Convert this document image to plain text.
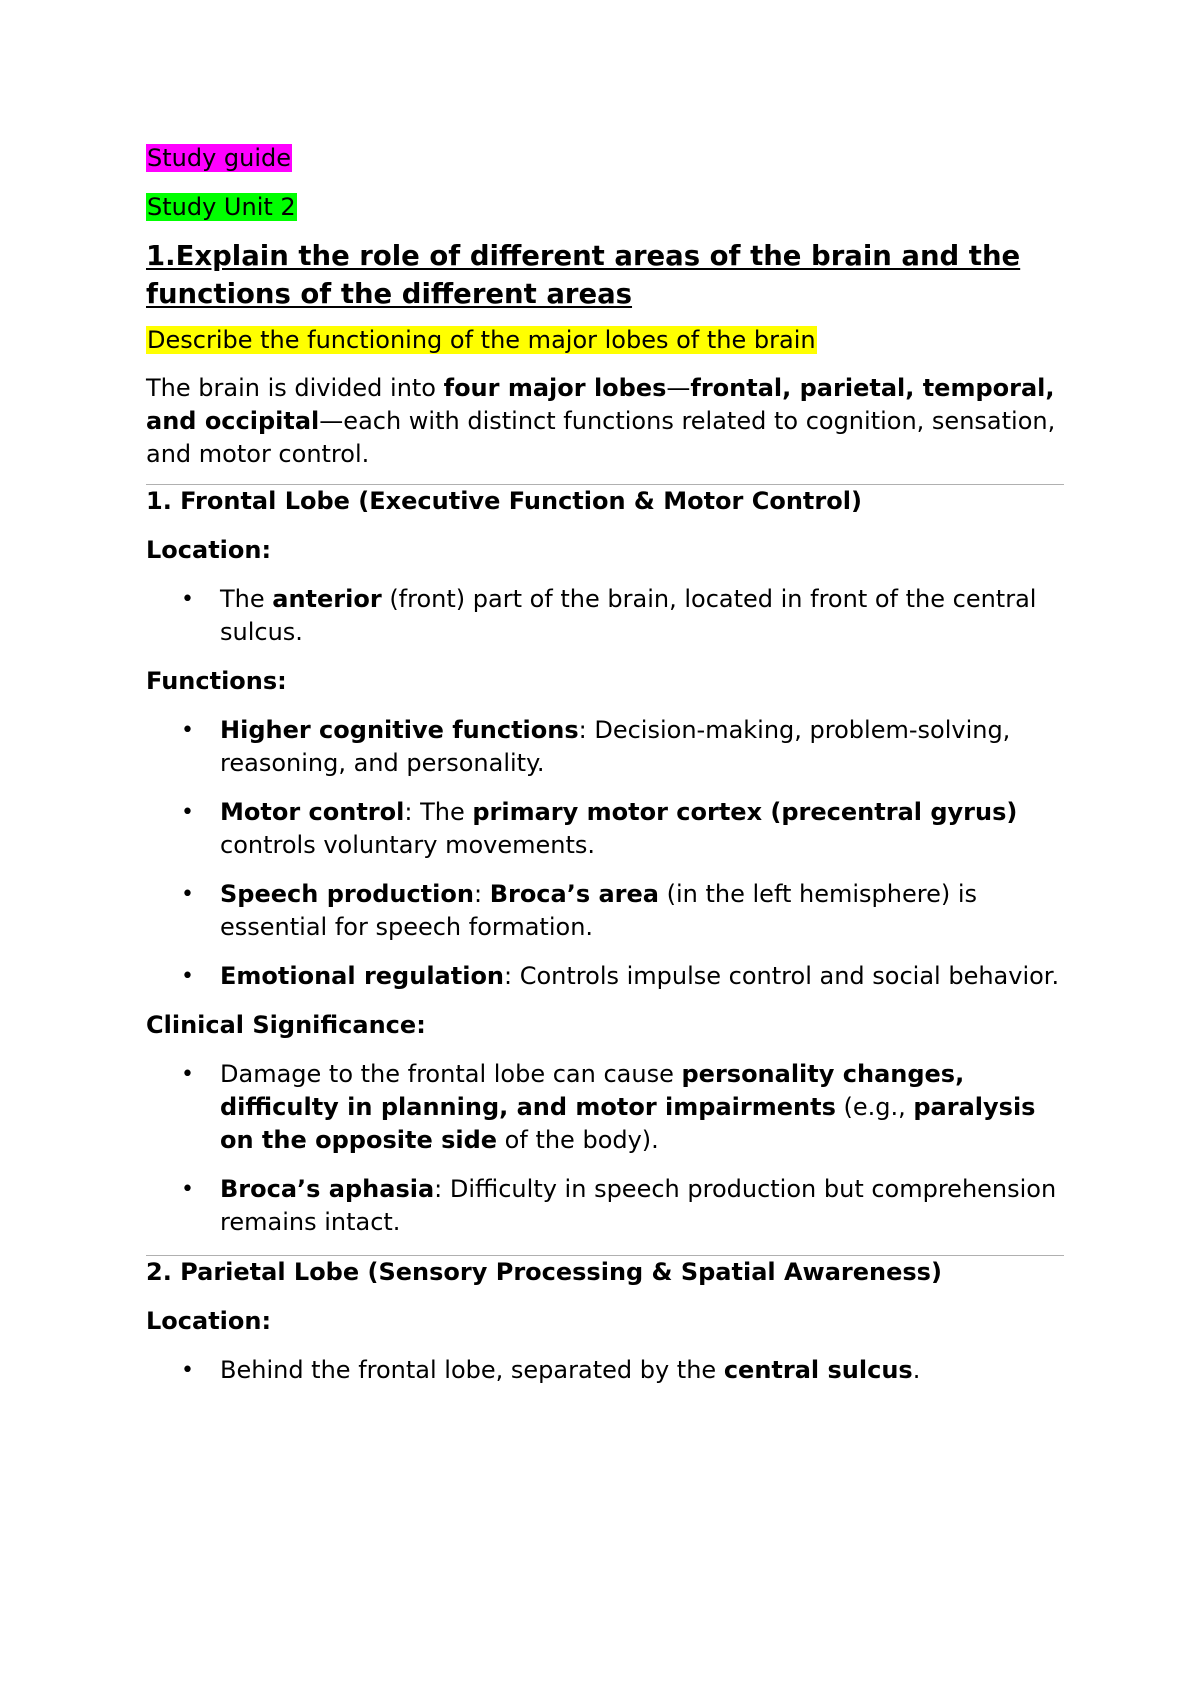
Study guide

Study Unit 2

1.Explain the role of different areas of the brain and the
functions of the different areas

Describe the functioning of the major lobes of the brain

The brain is divided into four major lobes—frontal, parietal, temporal, and occipital—each with distinct functions related to cognition, sensation, and motor control.

1. Frontal Lobe (Executive Function & Motor Control)

Location:

• The anterior (front) part of the brain, located in front of the central sulcus.

Functions:

• Higher cognitive functions: Decision-making, problem-solving, reasoning, and personality.
• Motor control: The primary motor cortex (precentral gyrus) controls voluntary movements.
• Speech production: Broca’s area (in the left hemisphere) is essential for speech formation.
• Emotional regulation: Controls impulse control and social behavior.

Clinical Significance:

• Damage to the frontal lobe can cause personality changes, difficulty in planning, and motor impairments (e.g., paralysis on the opposite side of the body).
• Broca’s aphasia: Difficulty in speech production but comprehension remains intact.

2. Parietal Lobe (Sensory Processing & Spatial Awareness)

Location:

• Behind the frontal lobe, separated by the central sulcus.
